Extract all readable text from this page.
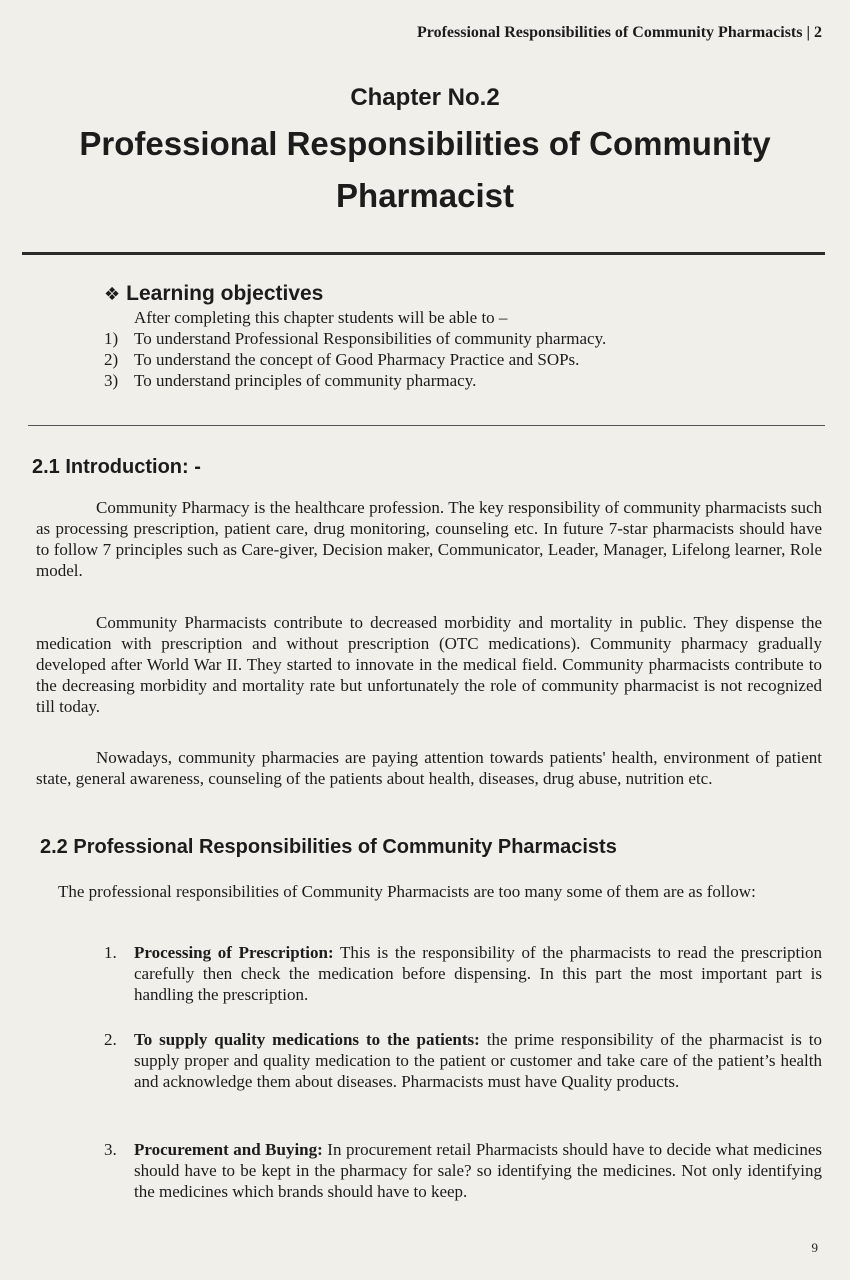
Professional Responsibilities of Community Pharmacists | 2
Chapter No.2
Professional Responsibilities of Community
Pharmacist

❖ Learning objectives

After completing this chapter students will be able to –

1) To understand Professional Responsibilities of community pharmacy.
2) To understand the concept of Good Pharmacy Practice and SOPs.
3) To understand principles of community pharmacy.
2.1 Introduction: -

Community Pharmacy is the healthcare profession. The key responsibility of community pharmacists such as processing prescription, patient care, drug monitoring, counseling etc. In future 7-star pharmacists should have to follow 7 principles such as Care-giver, Decision maker, Communicator, Leader, Manager, Lifelong learner, Role model.

Community Pharmacists contribute to decreased morbidity and mortality in public. They dispense the medication with prescription and without prescription (OTC medications). Community pharmacy gradually developed after World War II. They started to innovate in the medical field. Community pharmacists contribute to the decreasing morbidity and mortality rate but unfortunately the role of community pharmacist is not recognized till today.

Nowadays, community pharmacies are paying attention towards patients' health, environment of patient state, general awareness, counseling of the patients about health, diseases, drug abuse, nutrition etc.

2.2 Professional Responsibilities of Community Pharmacists

The professional responsibilities of Community Pharmacists are too many some of them are as follow:

1. Processing of Prescription: This is the responsibility of the pharmacists to read the prescription carefully then check the medication before dispensing. In this part the most important part is handling the prescription.
2. To supply quality medications to the patients: the prime responsibility of the pharmacist is to supply proper and quality medication to the patient or customer and take care of the patient’s health and acknowledge them about diseases. Pharmacists must have Quality products.
3. Procurement and Buying: In procurement retail Pharmacists should have to decide what medicines should have to be kept in the pharmacy for sale? so identifying the medicines. Not only identifying the medicines which brands should have to keep.
9
